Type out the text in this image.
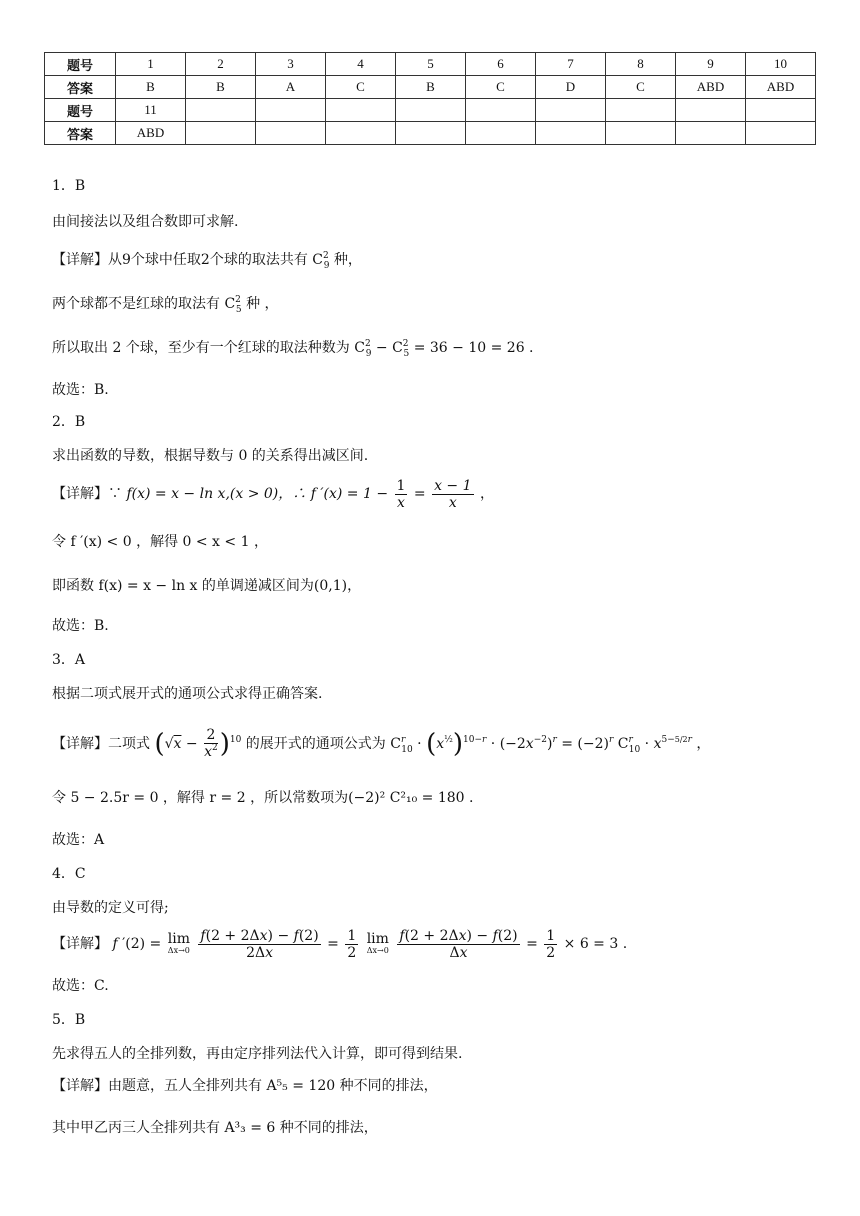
题号	1	2	3	4	5	6	7	8	9	10
答案	B	B	A	C	B	C	D	C	ABD	ABD
题号	11									
答案	ABD									
1．B
由间接法以及组合数即可求解.
【详解】从9个球中任取2个球的取法共有 $C^2_9$ 种，
两个球都不是红球的取法有 $C^2_5$ 种 ，
所以取出 2 个球，至少有一个红球的取法种数为 $C^2_9 - C^2_5 = 36 - 10 = 26$ .
故选：B.
2．B
求出函数的导数，根据导数与 0 的关系得出减区间.
【详解】∵ f(x) = x − ln x,(x > 0)，∴ f $'(x) = 1 - \frac{1}{x} = \frac{x - 1}{x}$ ，
令 f ′(x) < 0 ，解得 0 < x < 1 ，
即函数 f(x) = x − ln x 的单调递减区间为(0,1)，
故选：B.
3．A
根据二项式展开式的通项公式求得正确答案.
【详解】二项式 $(√x - \frac{2}{x^2} )^{10}$ 的展开式的通项公式为 $C^r_{10} \cdot (x^{\frac{1}{2}})^{10-r} \cdot (-2x^{-2})^r = (-2)^r$ $C^r_{10} \cdot x^{5-5/2r}$ ，
令 5 − 2.5r = 0 ，解得 r = 2 ，所以常数项为(−2)² C²₁₀ = 180 .
故选：A
4．C
由导数的定义可得;
【详解】 f ′(2) = lim
Δx→0
$\frac{f(2 + 2\Delta x) - f(2)}{2\Delta x} = \frac{1}{2}$
lim
Δx→0
$\frac{f(2 + 2\Delta x) - f(2)}{\Delta x} = \frac{1}{2} \times 6 = 3$ .
故选：C.
5．B
先求得五人的全排列数，再由定序排列法代入计算，即可得到结果.
【详解】由题意，五人全排列共有 A⁵₅ = 120 种不同的排法，
其中甲乙丙三人全排列共有 A³₃ = 6 种不同的排法，
